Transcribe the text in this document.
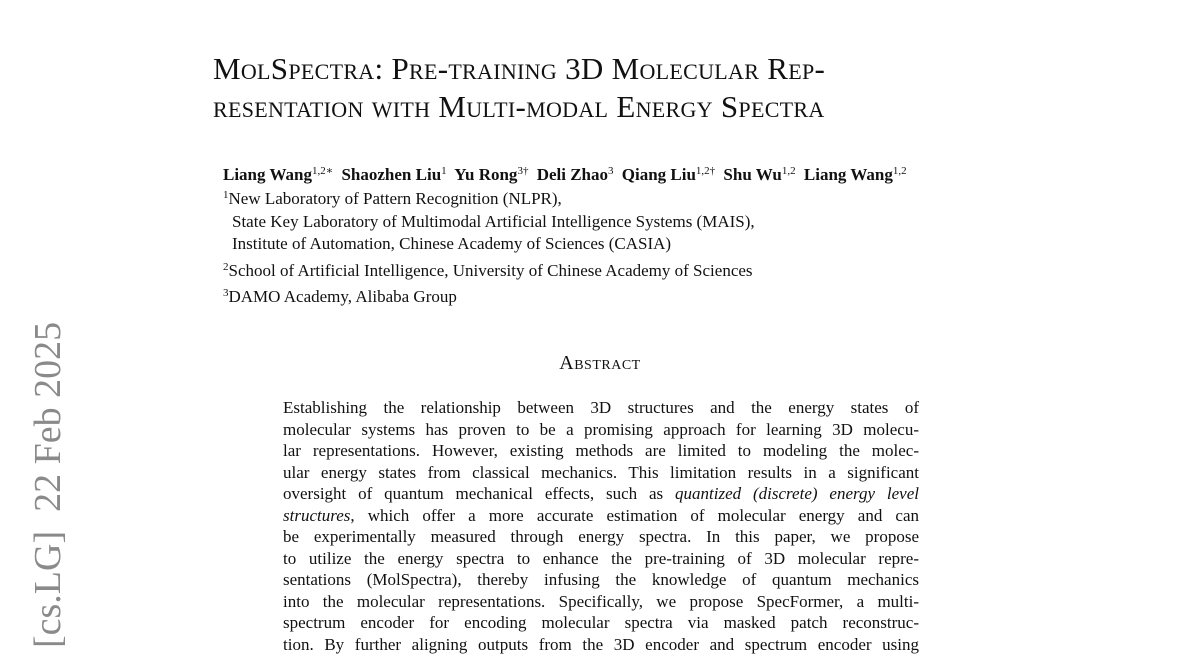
[cs.LG]  22 Feb 2025
MolSpectra: Pre-training 3D Molecular Rep-
resentation with Multi-modal Energy Spectra
Liang Wang$^{1,2∗}$ Shaozhen Liu$^1$ Yu Rong$^{3\dagger}$ Deli Zhao$^3$ Qiang Liu$^{1,2\dagger}$ Shu Wu$^{1,2}$ Liang Wang$^{1,2}$
$^1$New Laboratory of Pattern Recognition (NLPR),
State Key Laboratory of Multimodal Artificial Intelligence Systems (MAIS),
Institute of Automation, Chinese Academy of Sciences (CASIA)
$^2$School of Artificial Intelligence, University of Chinese Academy of Sciences
$^3$DAMO Academy, Alibaba Group
Abstract
Establishing the relationship between 3D structures and the energy states of
molecular systems has proven to be a promising approach for learning 3D molecu-
lar representations. However, existing methods are limited to modeling the molec-
ular energy states from classical mechanics. This limitation results in a significant
oversight of quantum mechanical effects, such as quantized (discrete) energy level
structures, which offer a more accurate estimation of molecular energy and can
be experimentally measured through energy spectra. In this paper, we propose
to utilize the energy spectra to enhance the pre-training of 3D molecular repre-
sentations (MolSpectra), thereby infusing the knowledge of quantum mechanics
into the molecular representations. Specifically, we propose SpecFormer, a multi-
spectrum encoder for encoding molecular spectra via masked patch reconstruc-
tion. By further aligning outputs from the 3D encoder and spectrum encoder using
